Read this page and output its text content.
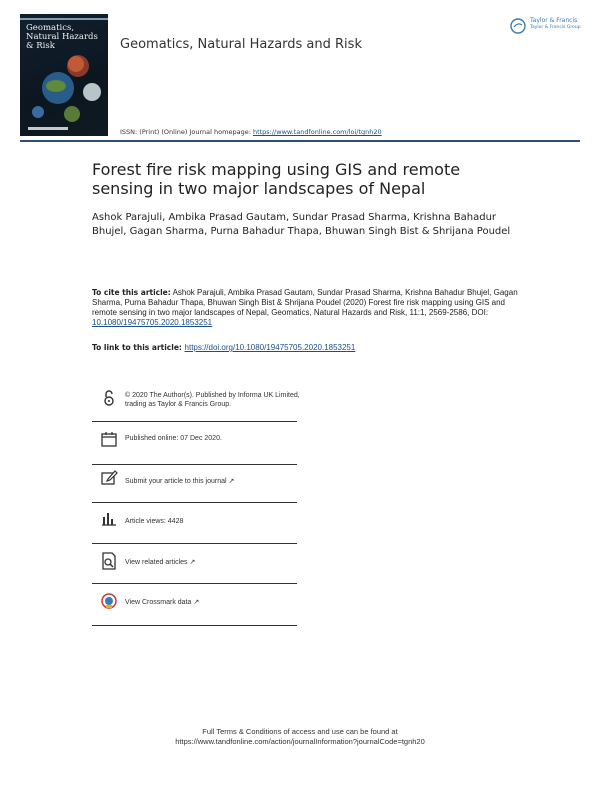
Geomatics,
Natural Hazards
& Risk	Geomatics, Natural Hazards and Risk
Taylor & Francis
Taylor & Francis Group
ISSN: (Print) (Online) Journal homepage: https://www.tandfonline.com/loi/tgnh20
Forest fire risk mapping using GIS and remote sensing in two major landscapes of Nepal
Ashok Parajuli, Ambika Prasad Gautam, Sundar Prasad Sharma, Krishna Bahadur Bhujel, Gagan Sharma, Purna Bahadur Thapa, Bhuwan Singh Bist & Shrijana Poudel
To cite this article: Ashok Parajuli, Ambika Prasad Gautam, Sundar Prasad Sharma, Krishna Bahadur Bhujel, Gagan Sharma, Purna Bahadur Thapa, Bhuwan Singh Bist & Shrijana Poudel (2020) Forest fire risk mapping using GIS and remote sensing in two major landscapes of Nepal, Geomatics, Natural Hazards and Risk, 11:1, 2569-2586, DOI: 10.1080/19475705.2020.1853251
To link to this article: https://doi.org/10.1080/19475705.2020.1853251
© 2020 The Author(s). Published by Informa UK Limited, trading as Taylor & Francis Group.
Published online: 07 Dec 2020.
Submit your article to this journal ↗
Article views: 4428
View related articles ↗
View Crossmark data ↗
Full Terms & Conditions of access and use can be found at
https://www.tandfonline.com/action/journalInformation?journalCode=tgnh20
